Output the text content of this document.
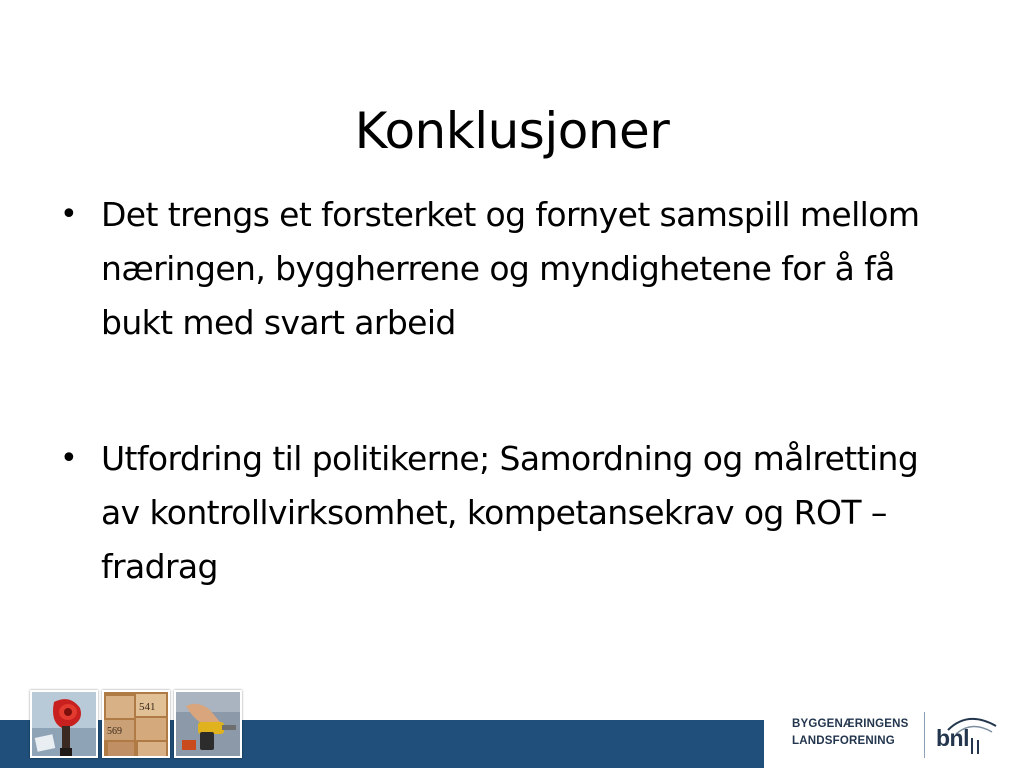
Konklusjoner
• Det trengs et forsterket og fornyet samspill mellom næringen, byggherrene og myndighetene for å få bukt med svart arbeid
• Utfordring til politikerne; Samordning og målretting av kontrollvirksomhet, kompetansekrav og ROT – fradrag
541
569
BYGGENÆRINGENS
LANDSFORENING	bnl
